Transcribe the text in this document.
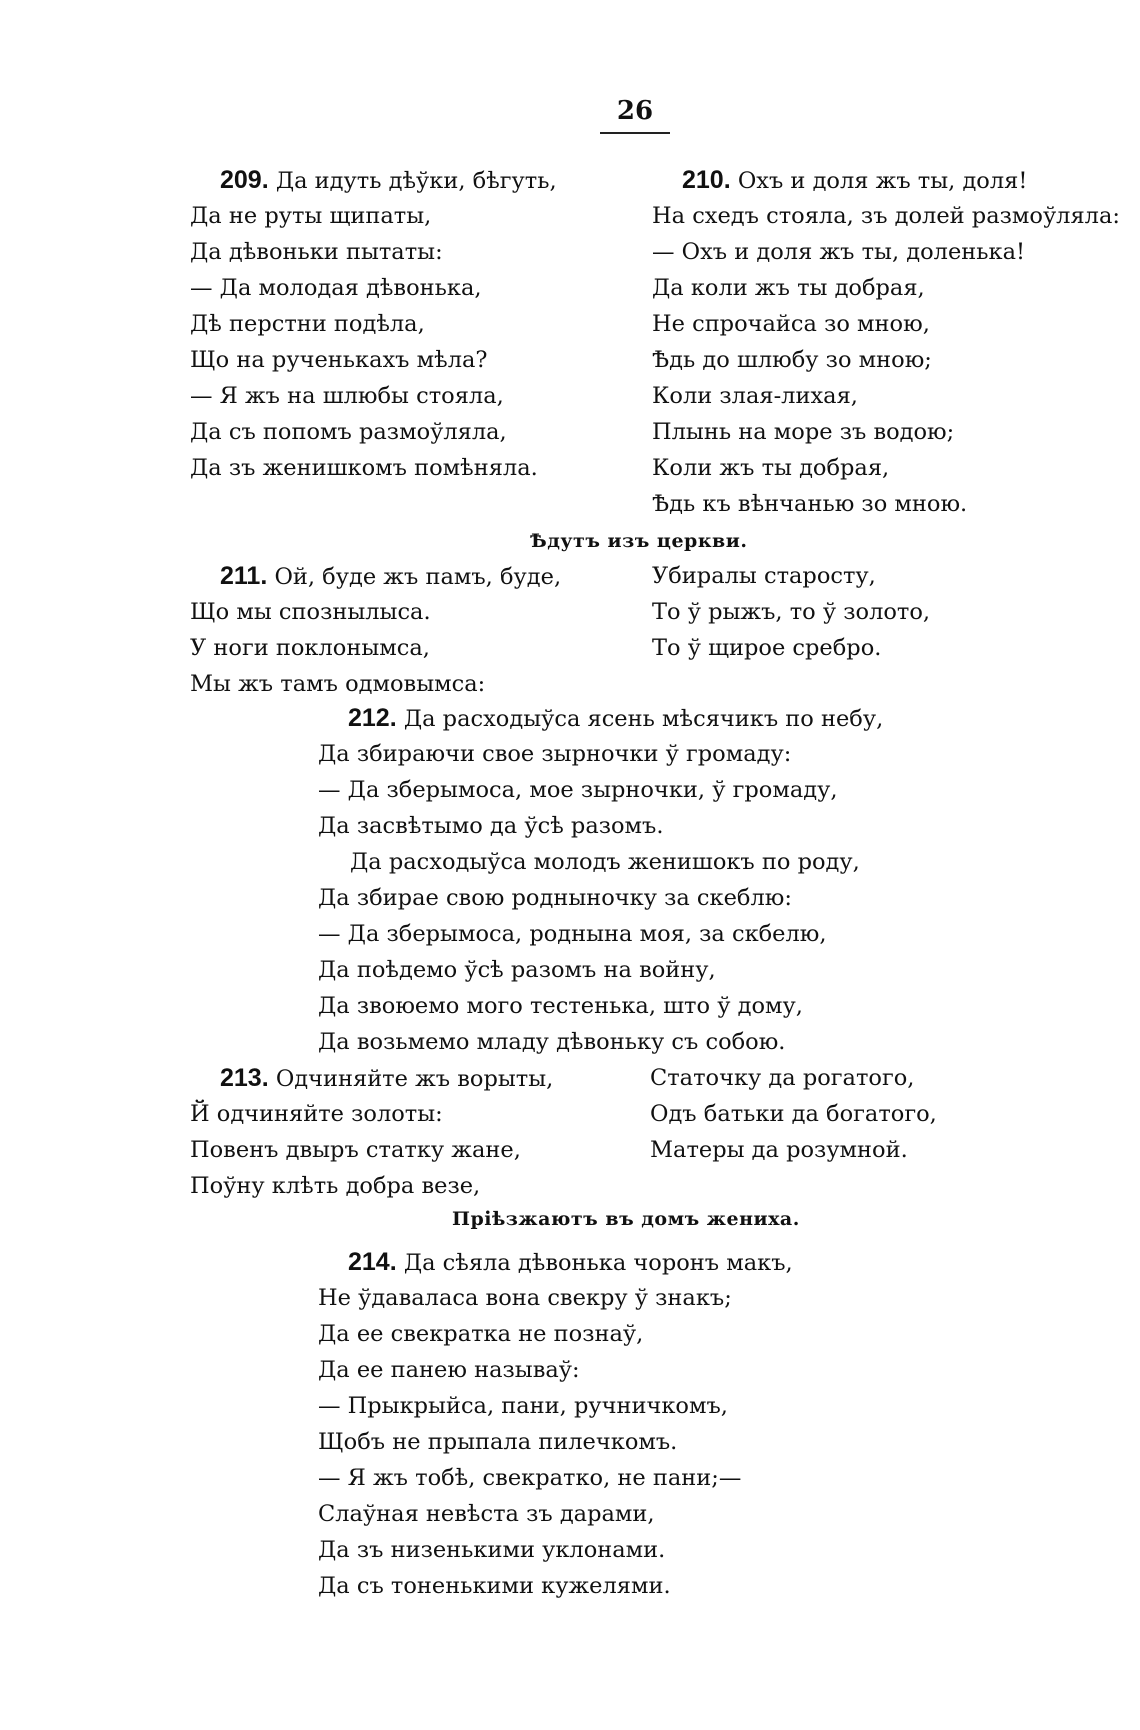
26
209. Да идуть дѣўки, бѣгуть,
Да не руты щипаты,
Да дѣвоньки пытаты:
— Да молодая дѣвонька,
Дѣ перстни подѣла,
Що на рученькахъ мѣла?
— Я жъ на шлюбы стояла,
Да съ попомъ размоўляла,
Да зъ женишкомъ помѣняла.
210. Охъ и доля жъ ты, доля!
На схедъ стояла, зъ долей размоўляла:
— Охъ и доля жъ ты, доленька!
Да коли жъ ты добрая,
Не спрочайса зо мною,
Ѣдь до шлюбу зо мною;
Коли злая-лихая,
Плынь на море зъ водою;
Коли жъ ты добрая,
Ѣдь къ вѣнчанью зо мною.
Ѣдутъ изъ церкви.
211. Ой, буде жъ памъ, буде,
Що мы спознылыса.
У ноги поклонымса,
Мы жъ тамъ одмовымса:
Убиралы старосту,
То ў рыжъ, то ў золото,
То ў щирое сребро.
212. Да расходыўса ясень мѣсячикъ по небу,
Да збираючи свое зырночки ў громаду:
— Да зберымоса, мое зырночки, ў громаду,
Да засвѣтымо да ўсѣ разомъ.
Да расходыўса молодъ женишокъ по роду,
Да збирае свою родныночку за скеблю:
— Да зберымоса, роднына моя, за скбелю,
Да поѣдемо ўсѣ разомъ на войну,
Да звоюемо мого тестенька, што ў дому,
Да возьмемо младу дѣвоньку съ собою.
213. Одчиняйте жъ ворыты,
Й одчиняйте золоты:
Повенъ двыръ статку жане,
Поўну клѣть добра везе,
Статочку да рогатого,
Одъ батьки да богатого,
Матеры да розумной.
Пріѣзжаютъ въ домъ жениха.
214. Да сѣяла дѣвонька чоронъ макъ,
Не ўдаваласа вона свекру ў знакъ;
Да ее свекратка не познаў,
Да ее панею называў:
— Прыкрыйса, пани, ручничкомъ,
Щобъ не прыпала пилечкомъ.
— Я жъ тобѣ, свекратко, не пани;—
Слаўная невѣста зъ дарами,
Да зъ низенькими уклонами.
Да съ тоненькими кужелями.
